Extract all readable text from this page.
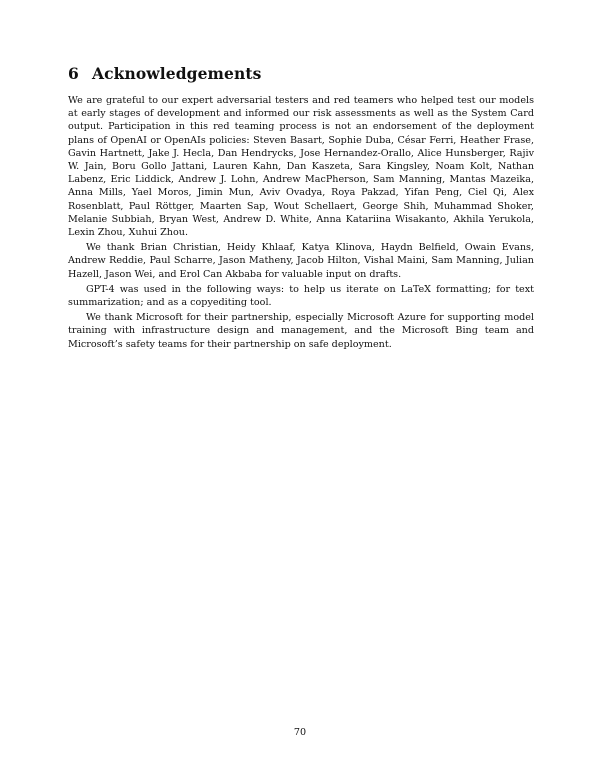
6 Acknowledgements

We are grateful to our expert adversarial testers and red teamers who helped test our models at early stages of development and informed our risk assessments as well as the System Card output. Participation in this red teaming process is not an endorsement of the deployment plans of OpenAI or OpenAIs policies: Steven Basart, Sophie Duba, César Ferri, Heather Frase, Gavin Hartnett, Jake J. Hecla, Dan Hendrycks, Jose Hernandez-Orallo, Alice Hunsberger, Rajiv W. Jain, Boru Gollo Jattani, Lauren Kahn, Dan Kaszeta, Sara Kingsley, Noam Kolt, Nathan Labenz, Eric Liddick, Andrew J. Lohn, Andrew MacPherson, Sam Manning, Mantas Mazeika, Anna Mills, Yael Moros, Jimin Mun, Aviv Ovadya, Roya Pakzad, Yifan Peng, Ciel Qi, Alex Rosenblatt, Paul Röttger, Maarten Sap, Wout Schellaert, George Shih, Muhammad Shoker, Melanie Subbiah, Bryan West, Andrew D. White, Anna Katariina Wisakanto, Akhila Yerukola, Lexin Zhou, Xuhui Zhou.

We thank Brian Christian, Heidy Khlaaf, Katya Klinova, Haydn Belfield, Owain Evans, Andrew Reddie, Paul Scharre, Jason Matheny, Jacob Hilton, Vishal Maini, Sam Manning, Julian Hazell, Jason Wei, and Erol Can Akbaba for valuable input on drafts.

GPT-4 was used in the following ways: to help us iterate on LaTeX formatting; for text summarization; and as a copyediting tool.

We thank Microsoft for their partnership, especially Microsoft Azure for supporting model training with infrastructure design and management, and the Microsoft Bing team and Microsoft’s safety teams for their partnership on safe deployment.

70
